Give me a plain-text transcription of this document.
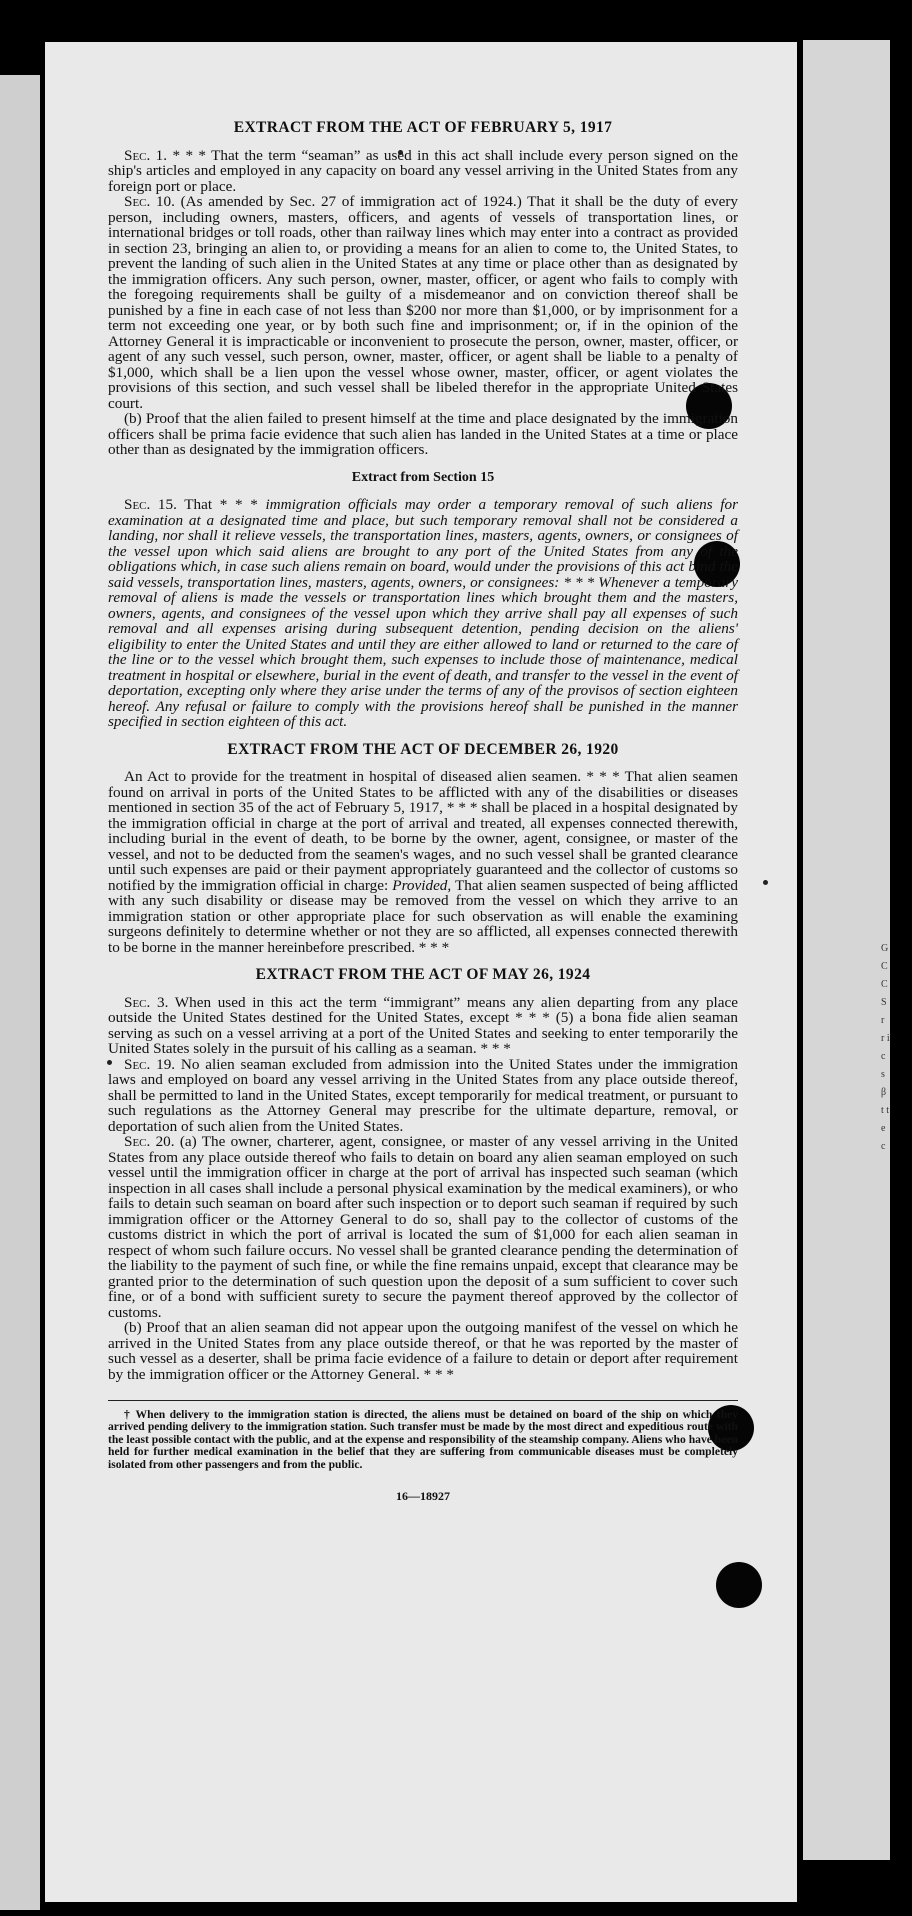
G C C S r r i c s β t t e c
EXTRACT FROM THE ACT OF FEBRUARY 5, 1917

Sec. 1. * * * That the term “seaman” as used in this act shall include every person signed on the ship's articles and employed in any capacity on board any vessel arriving in the United States from any foreign port or place.

Sec. 10. (As amended by Sec. 27 of immigration act of 1924.) That it shall be the duty of every person, including owners, masters, officers, and agents of vessels of transportation lines, or international bridges or toll roads, other than railway lines which may enter into a contract as provided in section 23, bringing an alien to, or providing a means for an alien to come to, the United States, to prevent the landing of such alien in the United States at any time or place other than as designated by the immigration officers. Any such person, owner, master, officer, or agent who fails to comply with the foregoing requirements shall be guilty of a misdemeanor and on conviction thereof shall be punished by a fine in each case of not less than $200 nor more than $1,000, or by imprisonment for a term not exceeding one year, or by both such fine and imprisonment; or, if in the opinion of the Attorney General it is impracticable or inconvenient to prosecute the person, owner, master, officer, or agent of any such vessel, such person, owner, master, officer, or agent shall be liable to a penalty of $1,000, which shall be a lien upon the vessel whose owner, master, officer, or agent violates the provisions of this section, and such vessel shall be libeled therefor in the appropriate United States court.

(b) Proof that the alien failed to present himself at the time and place designated by the immigration officers shall be prima facie evidence that such alien has landed in the United States at a time or place other than as designated by the immigration officers.

Extract from Section 15

Sec. 15. That * * * immigration officials may order a temporary removal of such aliens for examination at a designated time and place, but such temporary removal shall not be considered a landing, nor shall it relieve vessels, the transportation lines, masters, agents, owners, or consignees of the vessel upon which said aliens are brought to any port of the United States from any of the obligations which, in case such aliens remain on board, would under the provisions of this act bind the said vessels, transportation lines, masters, agents, owners, or consignees: * * * Whenever a temporary removal of aliens is made the vessels or transportation lines which brought them and the masters, owners, agents, and consignees of the vessel upon which they arrive shall pay all expenses of such removal and all expenses arising during subsequent detention, pending decision on the aliens' eligibility to enter the United States and until they are either allowed to land or returned to the care of the line or to the vessel which brought them, such expenses to include those of maintenance, medical treatment in hospital or elsewhere, burial in the event of death, and transfer to the vessel in the event of deportation, excepting only where they arise under the terms of any of the provisos of section eighteen hereof. Any refusal or failure to comply with the provisions hereof shall be punished in the manner specified in section eighteen of this act.

EXTRACT FROM THE ACT OF DECEMBER 26, 1920

An Act to provide for the treatment in hospital of diseased alien seamen. * * * That alien seamen found on arrival in ports of the United States to be afflicted with any of the disabilities or diseases mentioned in section 35 of the act of February 5, 1917, * * * shall be placed in a hospital designated by the immigration official in charge at the port of arrival and treated, all expenses connected therewith, including burial in the event of death, to be borne by the owner, agent, consignee, or master of the vessel, and not to be deducted from the seamen's wages, and no such vessel shall be granted clearance until such expenses are paid or their payment appropriately guaranteed and the collector of customs so notified by the immigration official in charge: Provided, That alien seamen suspected of being afflicted with any such disability or disease may be removed from the vessel on which they arrive to an immigration station or other appropriate place for such observation as will enable the examining surgeons definitely to determine whether or not they are so afflicted, all expenses connected therewith to be borne in the manner hereinbefore prescribed. * * *

EXTRACT FROM THE ACT OF MAY 26, 1924

Sec. 3. When used in this act the term “immigrant” means any alien departing from any place outside the United States destined for the United States, except * * * (5) a bona fide alien seaman serving as such on a vessel arriving at a port of the United States and seeking to enter temporarily the United States solely in the pursuit of his calling as a seaman. * * *

Sec. 19. No alien seaman excluded from admission into the United States under the immigration laws and employed on board any vessel arriving in the United States from any place outside thereof, shall be permitted to land in the United States, except temporarily for medical treatment, or pursuant to such regulations as the Attorney General may prescribe for the ultimate departure, removal, or deportation of such alien from the United States.

Sec. 20. (a) The owner, charterer, agent, consignee, or master of any vessel arriving in the United States from any place outside thereof who fails to detain on board any alien seaman employed on such vessel until the immigration officer in charge at the port of arrival has inspected such seaman (which inspection in all cases shall include a personal physical examination by the medical examiners), or who fails to detain such seaman on board after such inspection or to deport such seaman if required by such immigration officer or the Attorney General to do so, shall pay to the collector of customs of the customs district in which the port of arrival is located the sum of $1,000 for each alien seaman in respect of whom such failure occurs. No vessel shall be granted clearance pending the determination of the liability to the payment of such fine, or while the fine remains unpaid, except that clearance may be granted prior to the determination of such question upon the deposit of a sum sufficient to cover such fine, or of a bond with sufficient surety to secure the payment thereof approved by the collector of customs.

(b) Proof that an alien seaman did not appear upon the outgoing manifest of the vessel on which he arrived in the United States from any place outside thereof, or that he was reported by the master of such vessel as a deserter, shall be prima facie evidence of a failure to detain or deport after requirement by the immigration officer or the Attorney General. * * *

† When delivery to the immigration station is directed, the aliens must be detained on board of the ship on which they arrived pending delivery to the immigration station. Such transfer must be made by the most direct and expeditious route with the least possible contact with the public, and at the expense and responsibility of the steamship company. Aliens who have been held for further medical examination in the belief that they are suffering from communicable diseases must be completely isolated from other passengers and from the public.

16—18927
